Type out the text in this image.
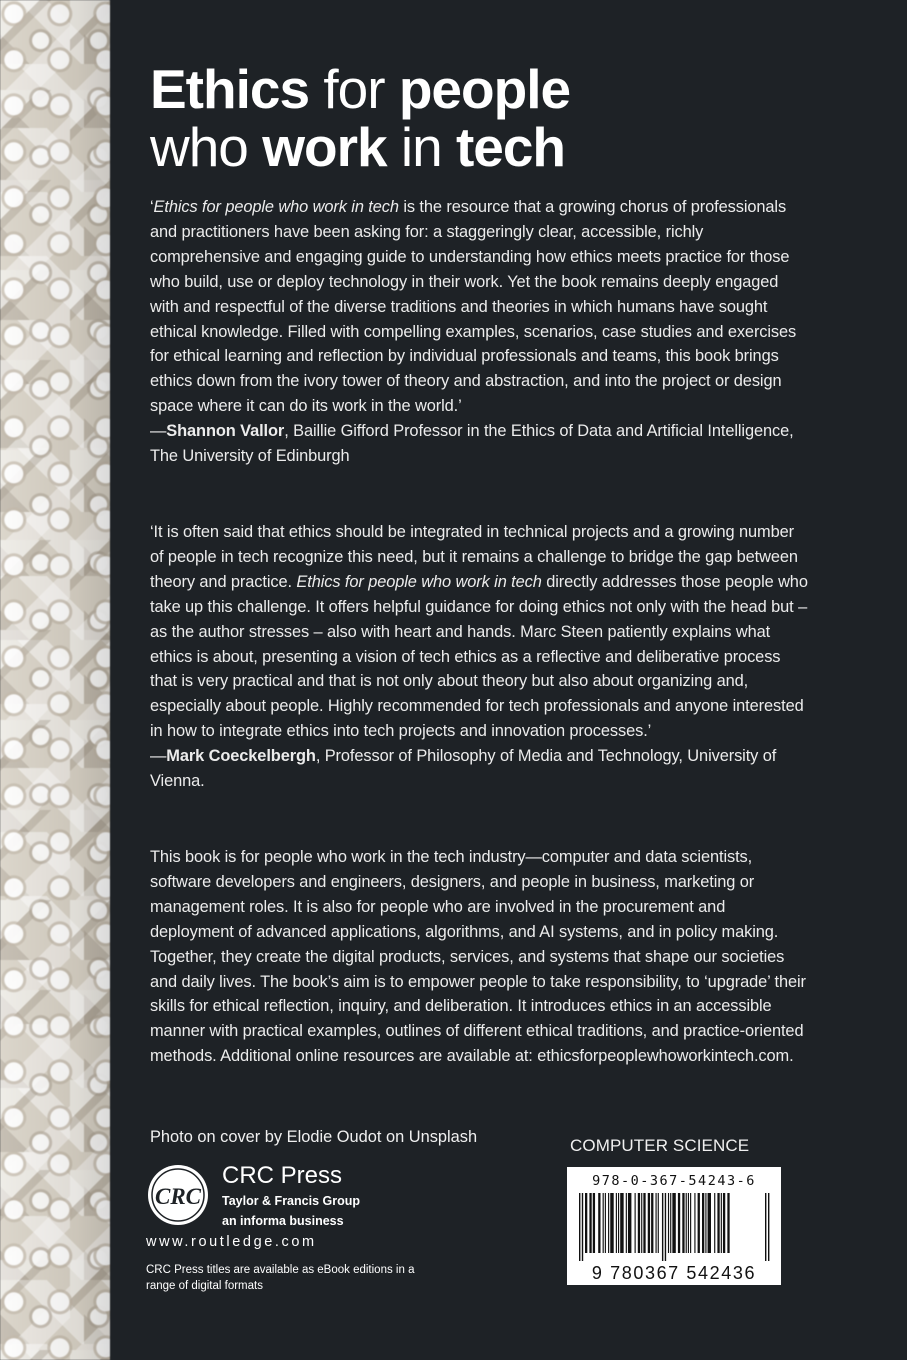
Ethics for people
who work in tech

‘Ethics for people who work in tech is the resource that a growing chorus of professionals and practitioners have been asking for: a staggeringly clear, accessible, richly comprehensive and engaging guide to understanding how ethics meets practice for those who build, use or deploy technology in their work. Yet the book remains deeply engaged with and respectful of the diverse traditions and theories in which humans have sought ethical knowledge. Filled with compelling examples, scenarios, case studies and exercises for ethical learning and reflection by individual professionals and teams, this book brings ethics down from the ivory tower of theory and abstraction, and into the project or design space where it can do its work in the world.’
—Shannon Vallor, Baillie Gifford Professor in the Ethics of Data and Artificial Intelligence, The University of Edinburgh

‘It is often said that ethics should be integrated in technical projects and a growing number of people in tech recognize this need, but it remains a challenge to bridge the gap between theory and practice. Ethics for people who work in tech directly addresses those people who take up this challenge. It offers helpful guidance for doing ethics not only with the head but – as the author stresses – also with heart and hands. Marc Steen patiently explains what ethics is about, presenting a vision of tech ethics as a reflective and deliberative process that is very practical and that is not only about theory but also about organizing and, especially about people. Highly recommended for tech professionals and anyone interested in how to integrate ethics into tech projects and innovation processes.’
—Mark Coeckelbergh, Professor of Philosophy of Media and Technology, University of Vienna.

This book is for people who work in the tech industry—computer and data scientists, software developers and engineers, designers, and people in business, marketing or management roles. It is also for people who are involved in the procurement and deployment of advanced applications, algorithms, and AI systems, and in policy making. Together, they create the digital products, services, and systems that shape our societies and daily lives. The book’s aim is to empower people to take responsibility, to ‘upgrade’ their skills for ethical reflection, inquiry, and deliberation. It introduces ethics in an accessible manner with practical examples, outlines of different ethical traditions, and practice-oriented methods. Additional online resources are available at: ethicsforpeoplewhoworkintech.com.

Photo on cover by Elodie Oudot on Unsplash
CRC
CRC Press
Taylor & Francis Group
an informa business
www.routledge.com
CRC Press titles are available as eBook editions in a range of digital formats
COMPUTER SCIENCE
978-0-367-54243-6
9 780367 542436
